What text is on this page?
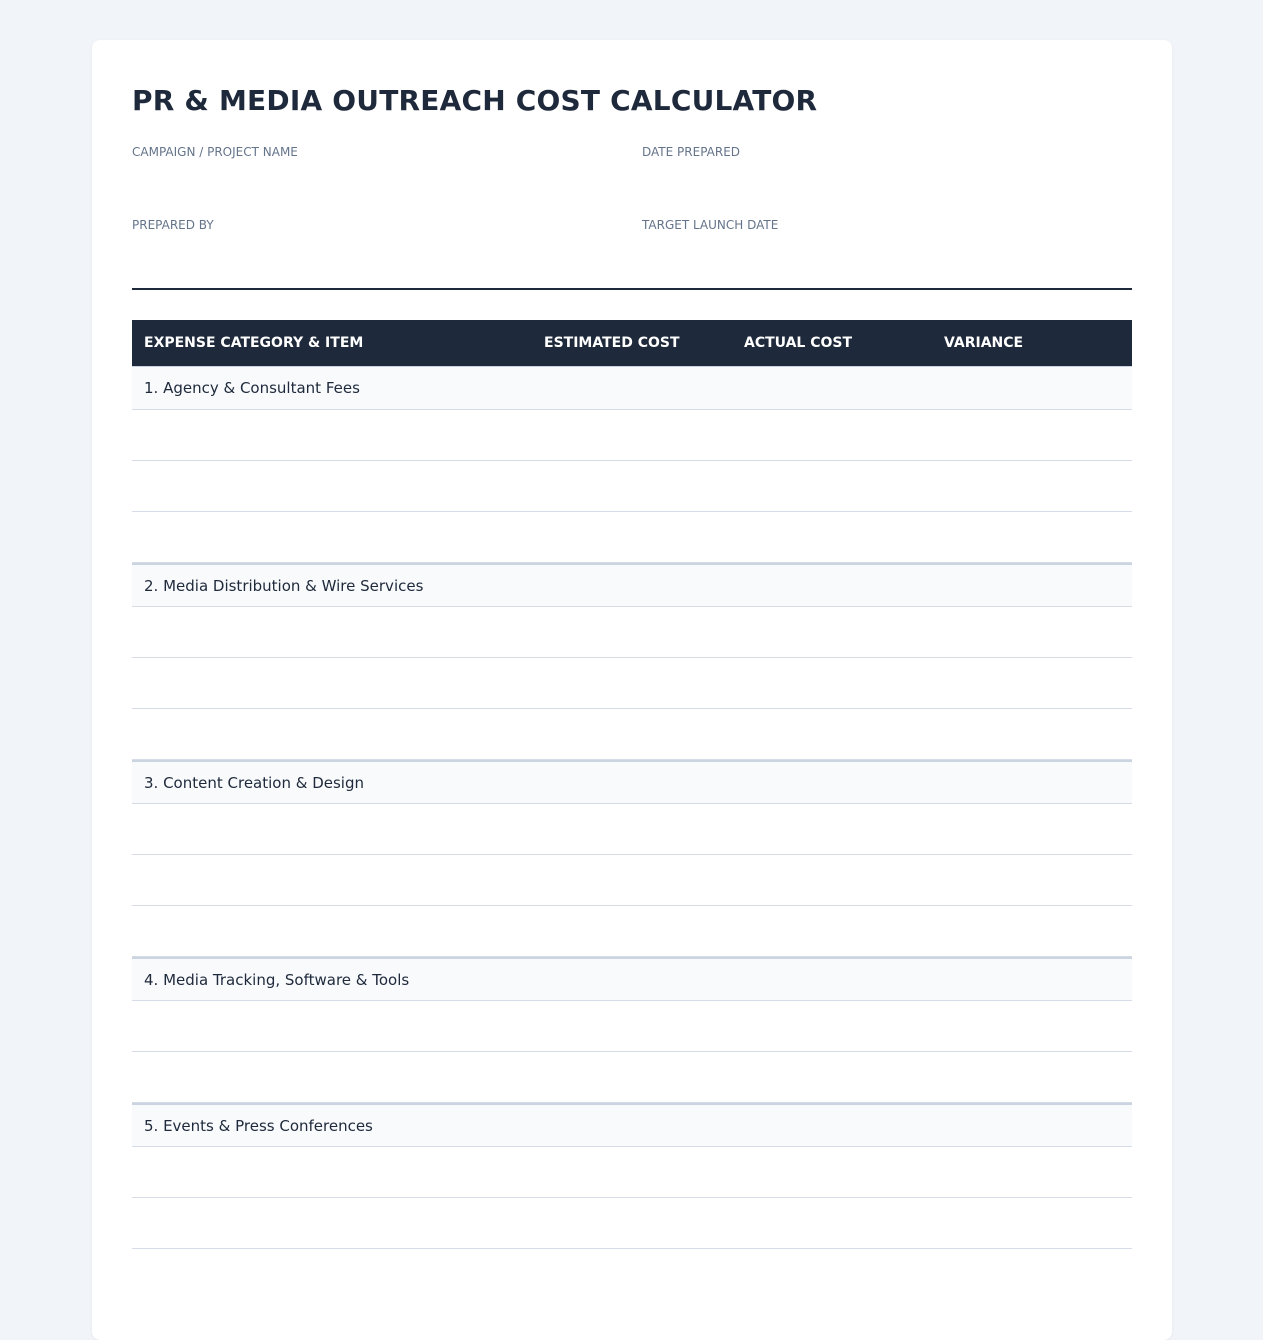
PR & MEDIA OUTREACH COST CALCULATOR
CAMPAIGN / PROJECT NAME	DATE PREPARED
PREPARED BY	TARGET LAUNCH DATE
EXPENSE CATEGORY & ITEM	ESTIMATED COST	ACTUAL COST	VARIANCE
1. Agency & Consultant Fees
2. Media Distribution & Wire Services
3. Content Creation & Design
4. Media Tracking, Software & Tools
5. Events & Press Conferences
